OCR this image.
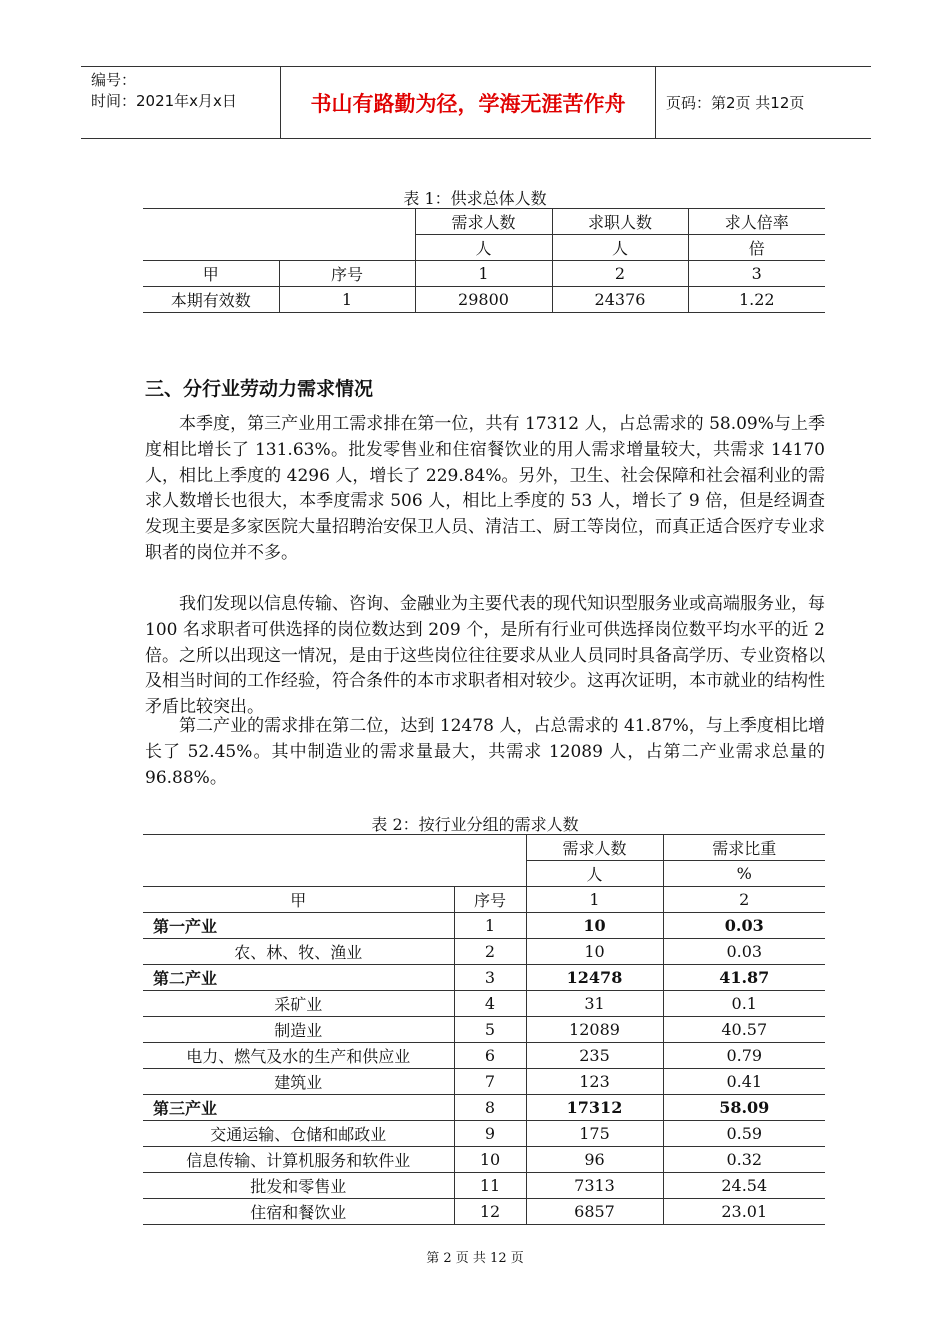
编号：
时间：2021年x月x日	书山有路勤为径，学海无涯苦作舟	页码：第2页 共12页
表 1：供求总体人数
		需求人数	求职人数	求人倍率
		人	人	倍
甲	序号	1	2	3
本期有效数	1	29800	24376	1.22
三、分行业劳动力需求情况

本季度，第三产业用工需求排在第一位，共有 17312 人，占总需求的 58.09%与上季度相比增长了 131.63%。批发零售业和住宿餐饮业的用人需求增量较大，共需求 14170 人，相比上季度的 4296 人，增长了 229.84%。另外，卫生、社会保障和社会福利业的需求人数增长也很大，本季度需求 506 人，相比上季度的 53 人，增长了 9 倍，但是经调查发现主要是多家医院大量招聘治安保卫人员、清洁工、厨工等岗位，而真正适合医疗专业求职者的岗位并不多。

我们发现以信息传输、咨询、金融业为主要代表的现代知识型服务业或高端服务业，每 100 名求职者可供选择的岗位数达到 209 个，是所有行业可供选择岗位数平均水平的近 2 倍。之所以出现这一情况，是由于这些岗位往往要求从业人员同时具备高学历、专业资格以及相当时间的工作经验，符合条件的本市求职者相对较少。这再次证明，本市就业的结构性矛盾比较突出。

第二产业的需求排在第二位，达到 12478 人，占总需求的 41.87%，与上季度相比增长了 52.45%。其中制造业的需求量最大，共需求 12089 人，占第二产业需求总量的 96.88%。

表 2：按行业分组的需求人数
		需求人数	需求比重
		人	%
甲	序号	1	2
第一产业	1	10	0.03
农、林、牧、渔业	2	10	0.03
第二产业	3	12478	41.87
采矿业	4	31	0.1
制造业	5	12089	40.57
电力、燃气及水的生产和供应业	6	235	0.79
建筑业	7	123	0.41
第三产业	8	17312	58.09
交通运输、仓储和邮政业	9	175	0.59
信息传输、计算机服务和软件业	10	96	0.32
批发和零售业	11	7313	24.54
住宿和餐饮业	12	6857	23.01
第 2 页 共 12 页
